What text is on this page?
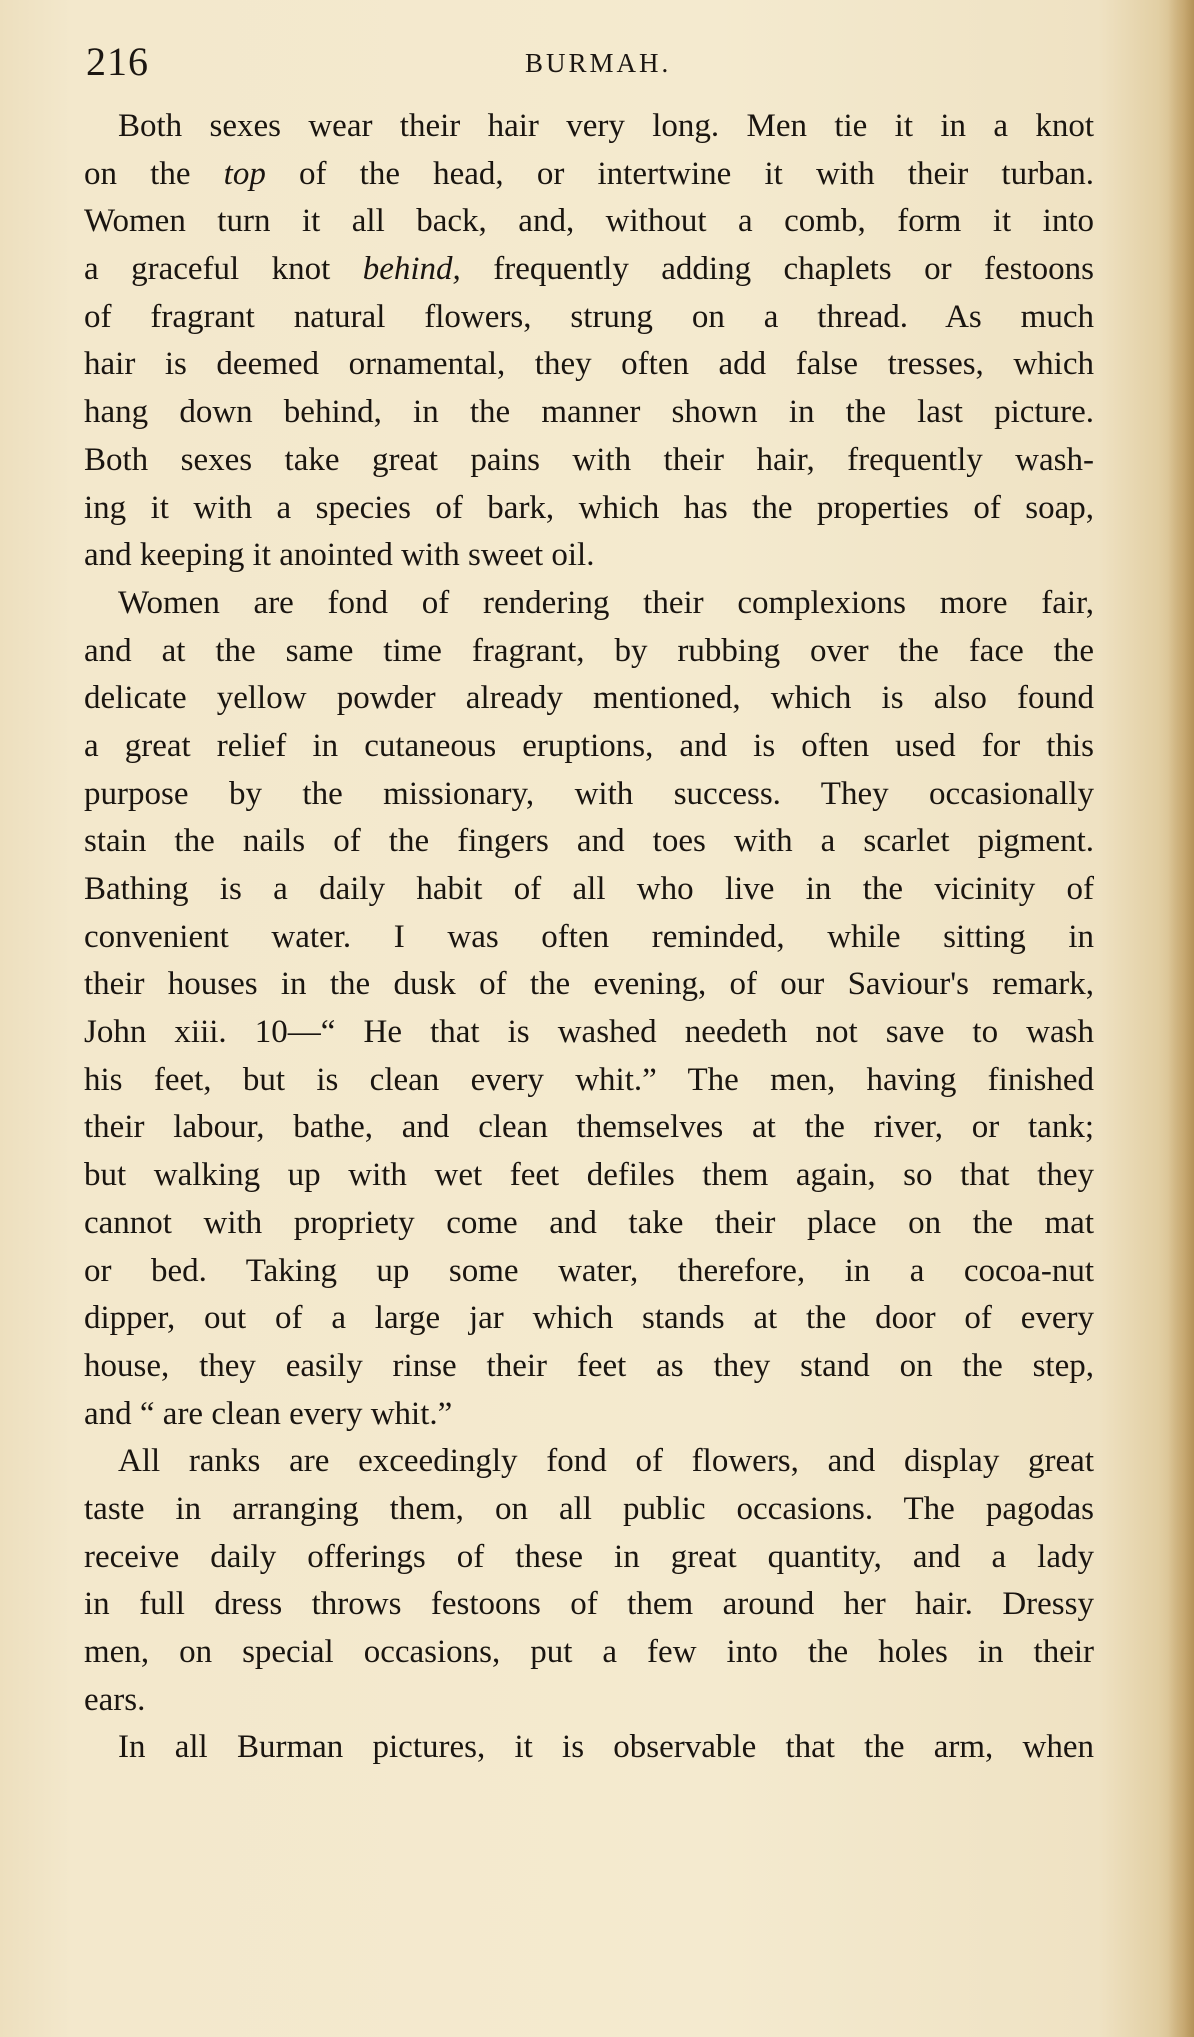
216	BURMAH.
Both sexes wear their hair very long. Men tie it in a knot
on the top of the head, or intertwine it with their turban.
Women turn it all back, and, without a comb, form it into
a graceful knot behind, frequently adding chaplets or festoons
of fragrant natural flowers, strung on a thread. As much
hair is deemed ornamental, they often add false tresses, which
hang down behind, in the manner shown in the last picture.
Both sexes take great pains with their hair, frequently wash-
ing it with a species of bark, which has the properties of soap,
and keeping it anointed with sweet oil.
Women are fond of rendering their complexions more fair,
and at the same time fragrant, by rubbing over the face the
delicate yellow powder already mentioned, which is also found
a great relief in cutaneous eruptions, and is often used for this
purpose by the missionary, with success. They occasionally
stain the nails of the fingers and toes with a scarlet pigment.
Bathing is a daily habit of all who live in the vicinity of
convenient water. I was often reminded, while sitting in
their houses in the dusk of the evening, of our Saviour's remark,
John xiii. 10—“ He that is washed needeth not save to wash
his feet, but is clean every whit.” The men, having finished
their labour, bathe, and clean themselves at the river, or tank;
but walking up with wet feet defiles them again, so that they
cannot with propriety come and take their place on the mat
or bed. Taking up some water, therefore, in a cocoa-nut
dipper, out of a large jar which stands at the door of every
house, they easily rinse their feet as they stand on the step,
and “ are clean every whit.”
All ranks are exceedingly fond of flowers, and display great
taste in arranging them, on all public occasions. The pagodas
receive daily offerings of these in great quantity, and a lady
in full dress throws festoons of them around her hair. Dressy
men, on special occasions, put a few into the holes in their
ears.
In all Burman pictures, it is observable that the arm, when
